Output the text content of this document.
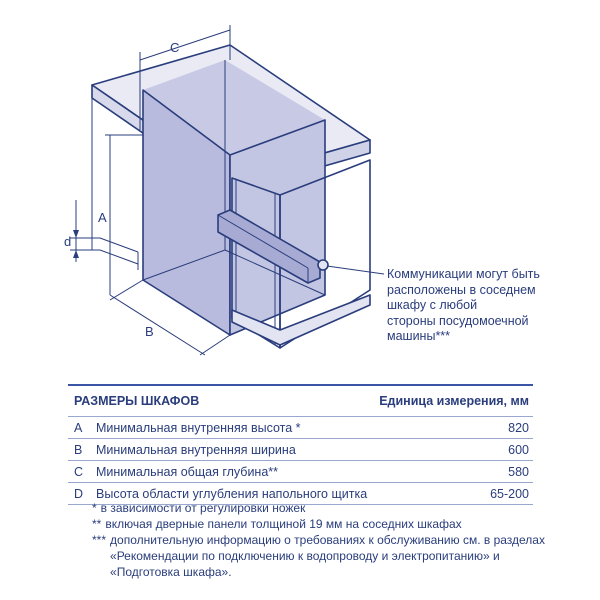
C
A
d
B
Коммуникации могут быть
расположены в соседнем
шкафу с любой
стороны посудомоечной
машины***
РАЗМЕРЫ ШКАФОВ	Единица измерения, мм
A	Минимальная внутренняя высота *	820
B	Минимальная внутренняя ширина	600
C	Минимальная общая глубина**	580
D	Высота области углубления напольного щитка	65-200
* в зависимости от регулировки ножек
** включая дверные панели толщиной 19 мм на соседних шкафах
*** дополнительную информацию о требованиях к обслуживанию см. в разделах «Рекомендации по подключению к водопроводу и электропитанию» и «Подготовка шкафа».
